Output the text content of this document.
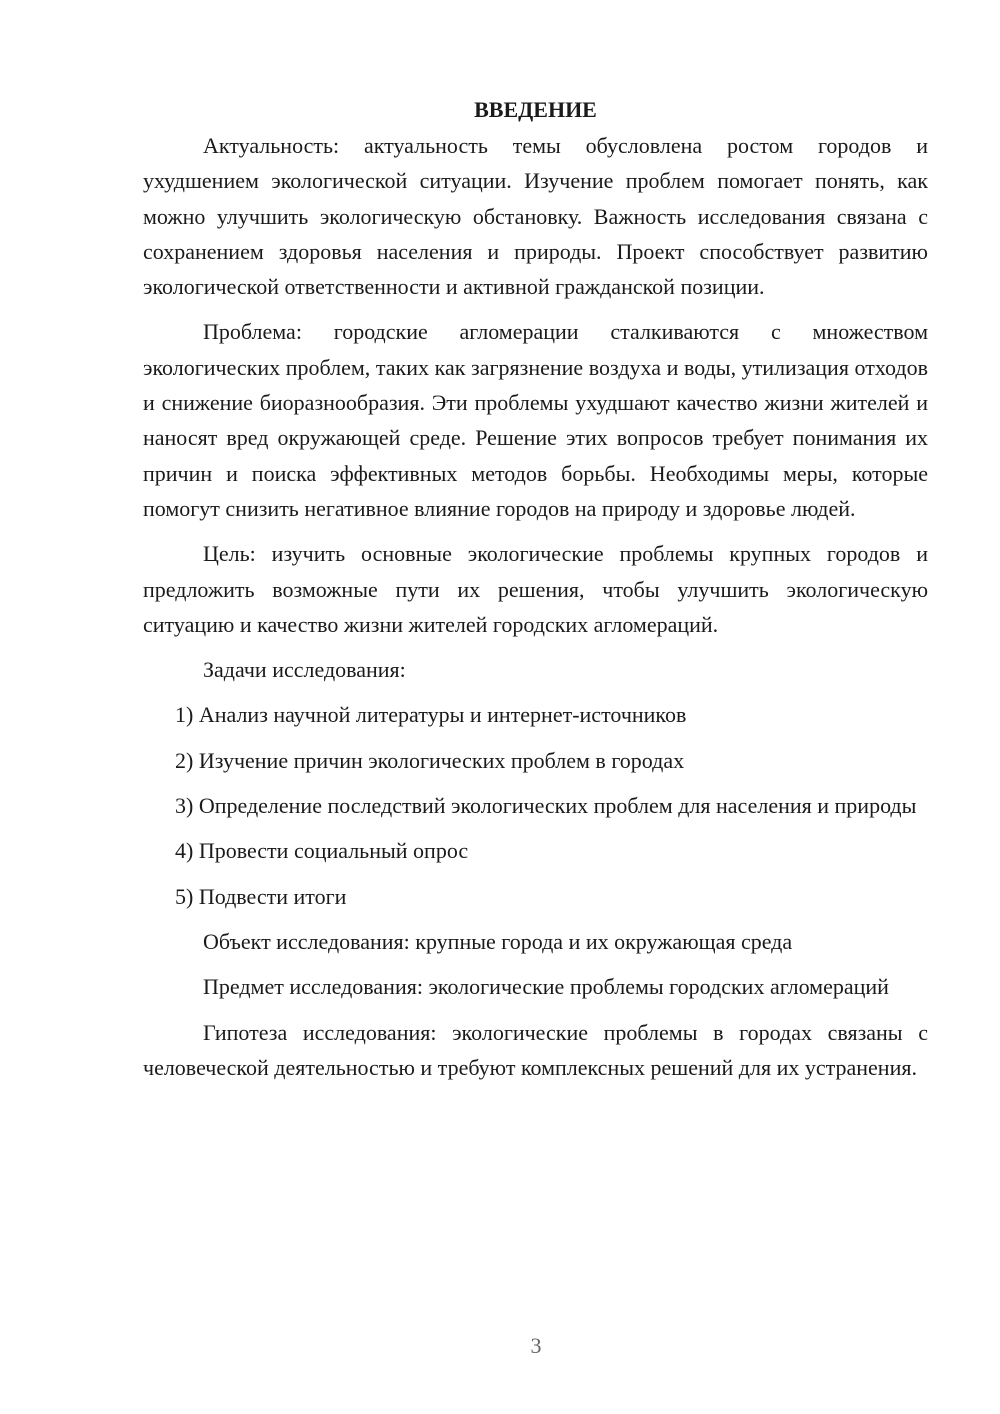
ВВЕДЕНИЕ

Актуальность: актуальность темы обусловлена ростом городов и ухудшением экологической ситуации. Изучение проблем помогает понять, как можно улучшить экологическую обстановку. Важность исследования связана с сохранением здоровья населения и природы. Проект способствует развитию экологической ответственности и активной гражданской позиции.

Проблема: городские агломерации сталкиваются с множеством экологических проблем, таких как загрязнение воздуха и воды, утилизация отходов и снижение биоразнообразия. Эти проблемы ухудшают качество жизни жителей и наносят вред окружающей среде. Решение этих вопросов требует понимания их причин и поиска эффективных методов борьбы. Необходимы меры, которые помогут снизить негативное влияние городов на природу и здоровье людей.

Цель: изучить основные экологические проблемы крупных городов и предложить возможные пути их решения, чтобы улучшить экологическую ситуацию и качество жизни жителей городских агломераций.

Задачи исследования:

1) Анализ научной литературы и интернет-источников

2) Изучение причин экологических проблем в городах

3) Определение последствий экологических проблем для населения и природы

4) Провести социальный опрос

5) Подвести итоги

Объект исследования: крупные города и их окружающая среда

Предмет исследования: экологические проблемы городских агломераций

Гипотеза исследования: экологические проблемы в городах связаны с человеческой деятельностью и требуют комплексных решений для их устранения.

3
